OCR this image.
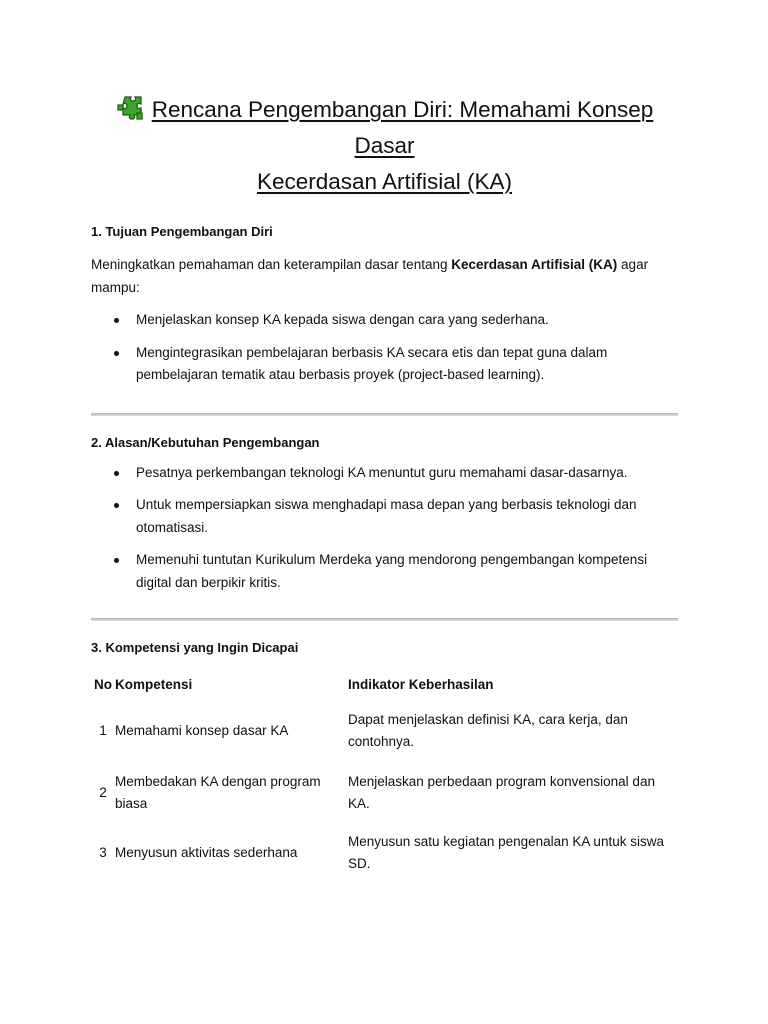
Rencana Pengembangan Diri: Memahami Konsep Dasar
Kecerdasan Artifisial (KA)
1. Tujuan Pengembangan Diri

Meningkatkan pemahaman dan keterampilan dasar tentang Kecerdasan Artifisial (KA) agar mampu:

Menjelaskan konsep KA kepada siswa dengan cara yang sederhana.
Mengintegrasikan pembelajaran berbasis KA secara etis dan tepat guna dalam pembelajaran tematik atau berbasis proyek (project-based learning).
2. Alasan/Kebutuhan Pengembangan
Pesatnya perkembangan teknologi KA menuntut guru memahami dasar-dasarnya.
Untuk mempersiapkan siswa menghadapi masa depan yang berbasis teknologi dan otomatisasi.
Memenuhi tuntutan Kurikulum Merdeka yang mendorong pengembangan kompetensi digital dan berpikir kritis.
3. Kompetensi yang Ingin Dicapai
No	Kompetensi	Indikator Keberhasilan
1	Memahami konsep dasar KA	Dapat menjelaskan definisi KA, cara kerja, dan contohnya.
2	Membedakan KA dengan program biasa	Menjelaskan perbedaan program konvensional dan KA.
3	Menyusun aktivitas sederhana	Menyusun satu kegiatan pengenalan KA untuk siswa SD.
